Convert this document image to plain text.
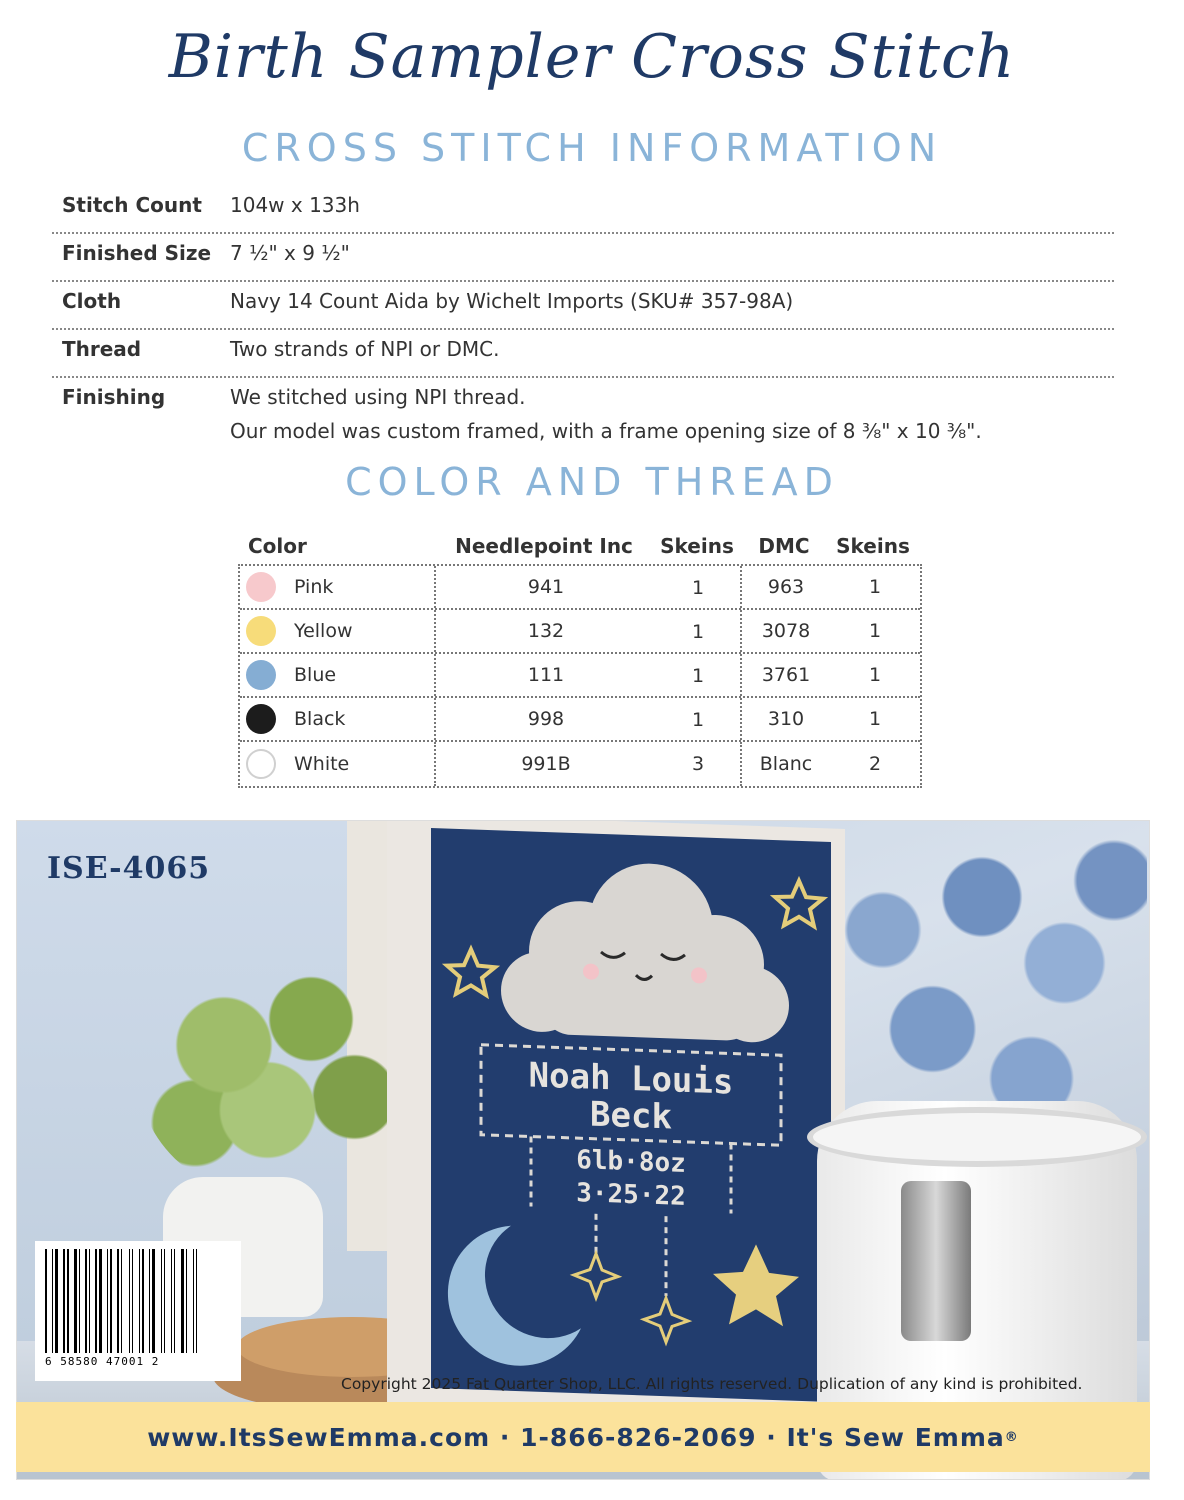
Birth Sampler Cross Stitch
CROSS STITCH INFORMATION
Stitch Count	104w x 133h
Finished Size 7 ½" x 9 ½"
Cloth	Navy 14 Count Aida by Wichelt Imports (SKU# 357-98A)
Thread	Two strands of NPI or DMC.
Finishing	We stitched using NPI thread.
Our model was custom framed, with a frame opening size of 8 ³⁄₈" x 10 ³⁄₈".
COLOR AND THREAD
Color	Needlepoint Inc	Skeins	DMC	Skeins
Pink	941	1	963	1
Yellow	132	1	3078	1
Blue	111	1	3761	1
Black	998	1	310	1
White	991B	3	Blanc	2
Noah Louis
Beck
6lb·8oz
3·25·22
ISE-4065
6 58580 47001 2
Copyright 2025 Fat Quarter Shop, LLC. All rights reserved. Duplication of any kind is prohibited.
www.ItsSewEmma.com · 1-866-826-2069 · It's Sew Emma ®
